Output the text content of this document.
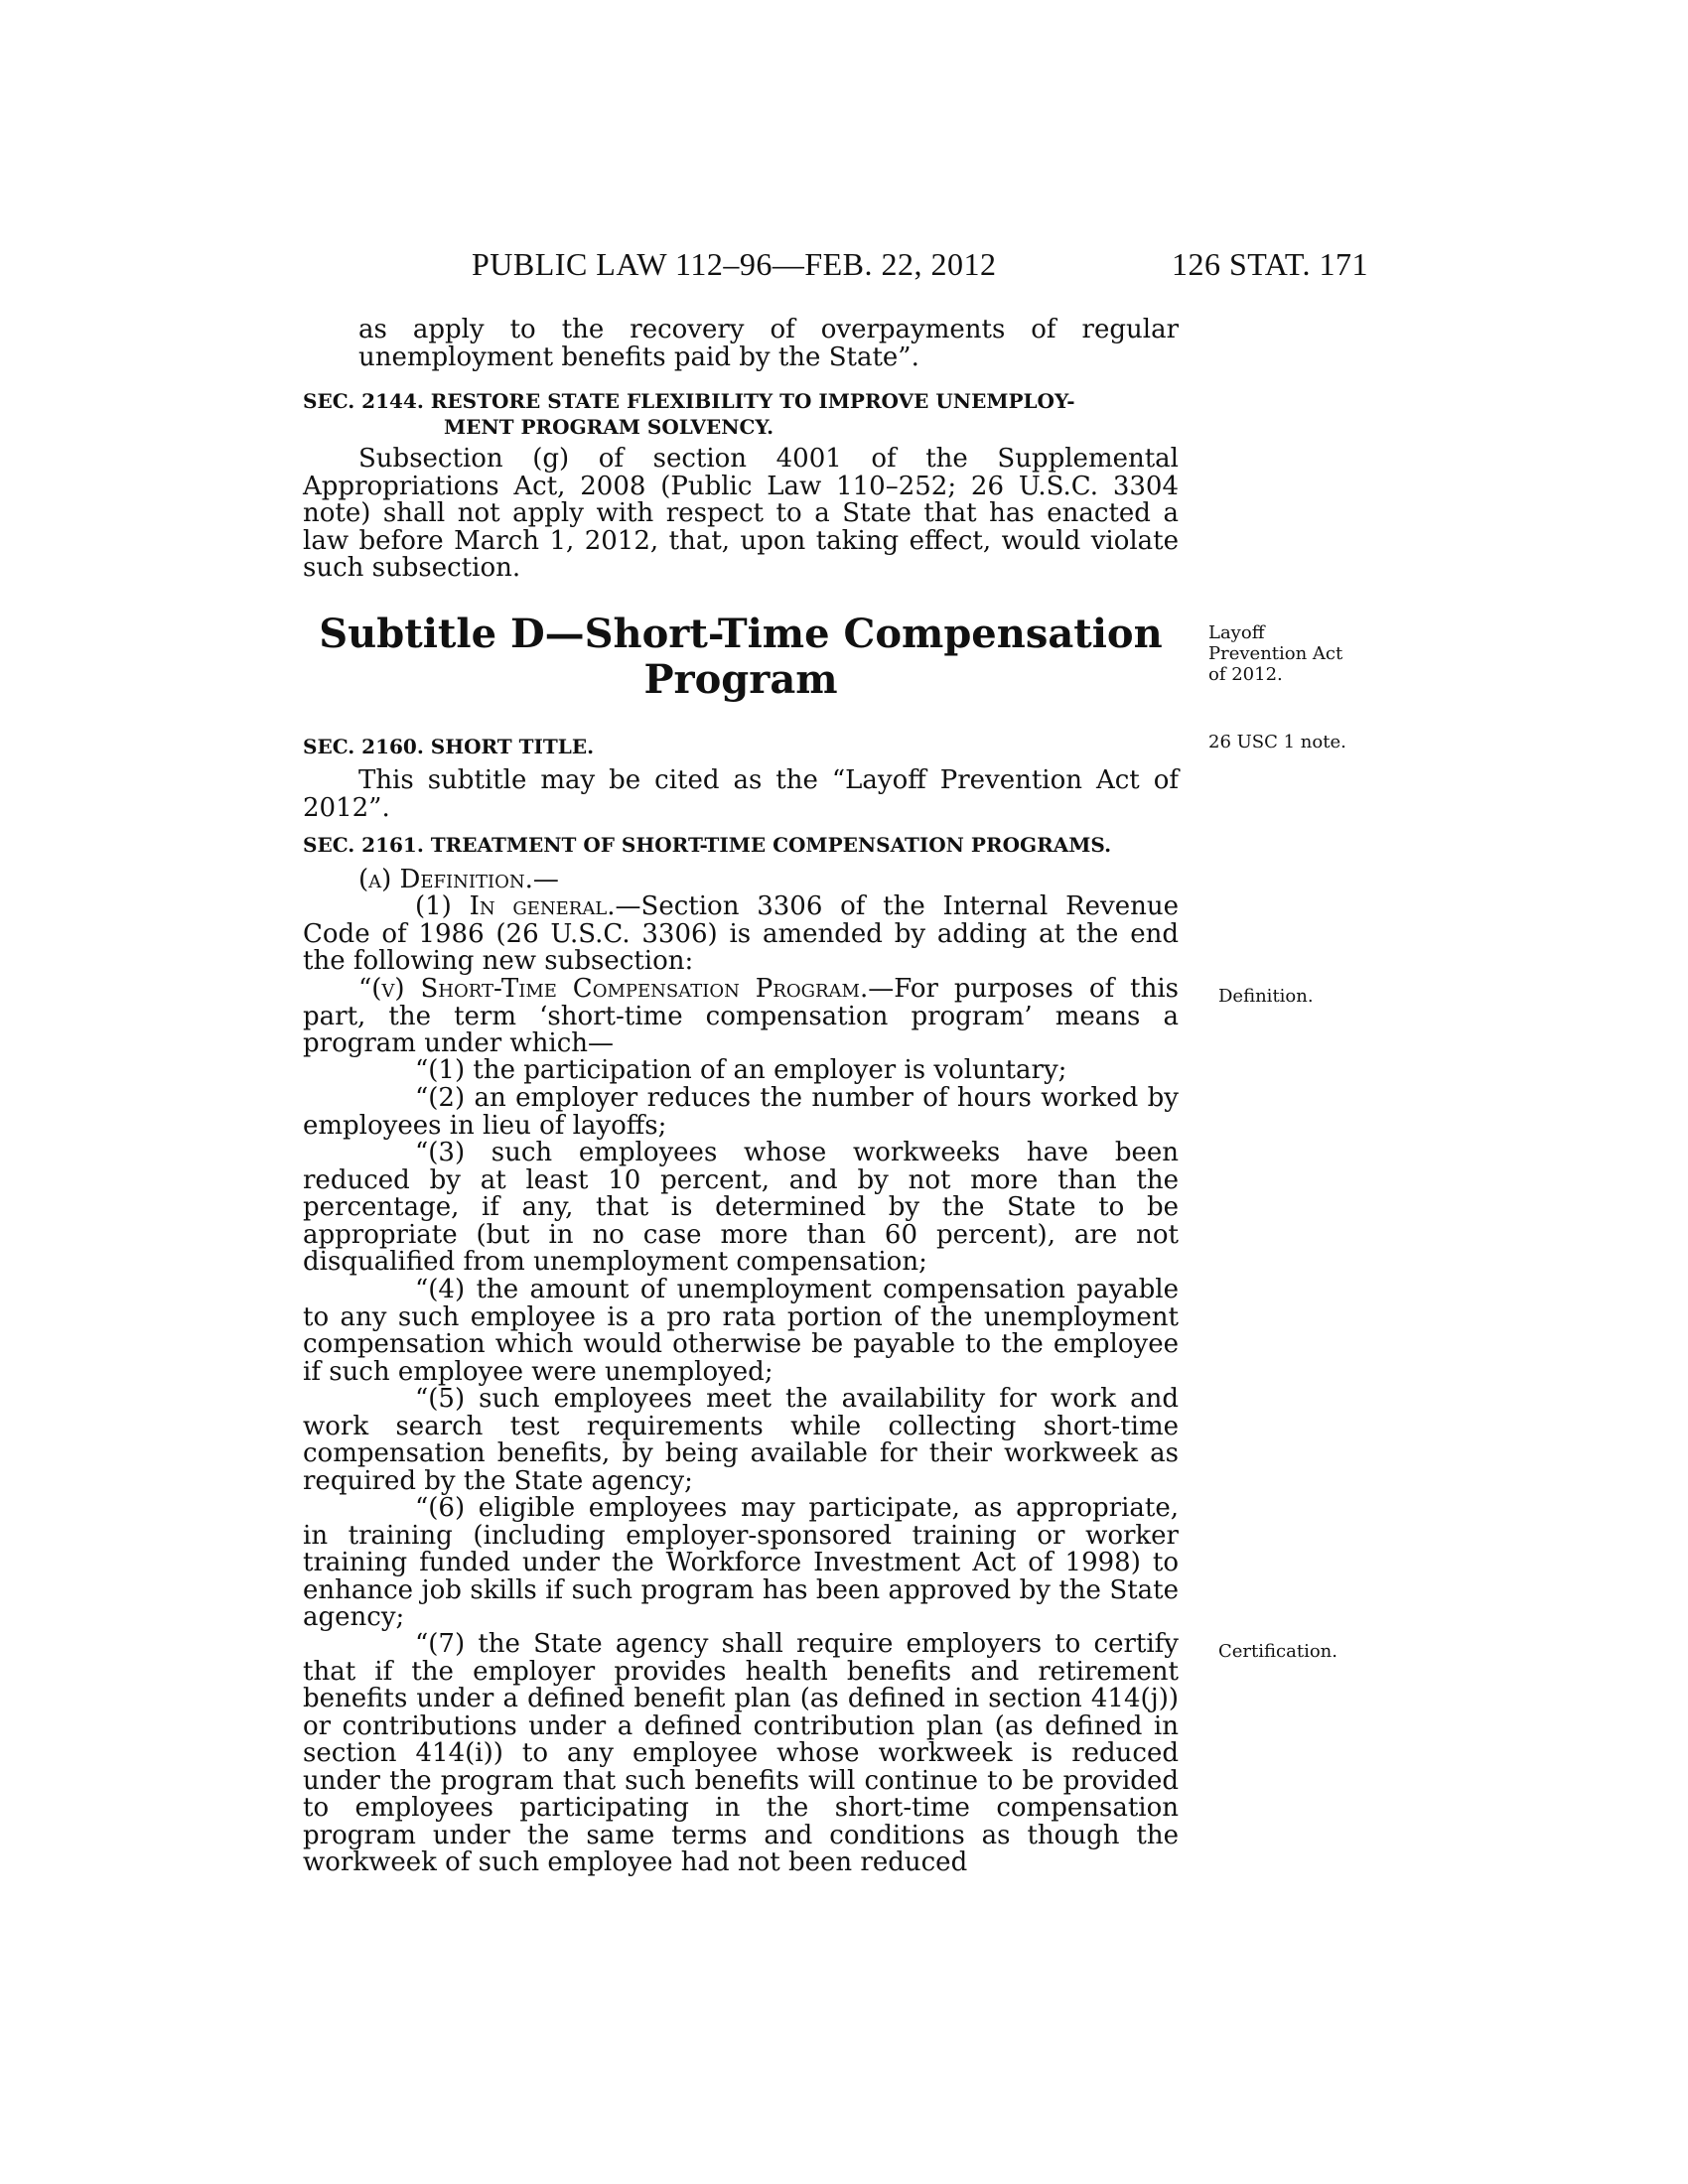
PUBLIC LAW 112–96—FEB. 22, 2012	126 STAT. 171

as apply to the recovery of overpayments of regular unemployment benefits paid by the State”.

SEC. 2144. RESTORE STATE FLEXIBILITY TO IMPROVE UNEMPLOY-
MENT PROGRAM SOLVENCY.

Subsection (g) of section 4001 of the Supplemental Appropriations Act, 2008 (Public Law 110–252; 26 U.S.C. 3304 note) shall not apply with respect to a State that has enacted a law before March 1, 2012, that, upon taking effect, would violate such subsection.

Subtitle D—Short-Time Compensation
Program

SEC. 2160. SHORT TITLE.

This subtitle may be cited as the “Layoff Prevention Act of 2012”.

SEC. 2161. TREATMENT OF SHORT-TIME COMPENSATION PROGRAMS.

(a) Definition.—

(1) In general.—Section 3306 of the Internal Revenue Code of 1986 (26 U.S.C. 3306) is amended by adding at the end the following new subsection:

“(v) Short-Time Compensation Program.—For purposes of this part, the term ‘short-time compensation program’ means a program under which—

“(1) the participation of an employer is voluntary;

“(2) an employer reduces the number of hours worked by employees in lieu of layoffs;

“(3) such employees whose workweeks have been reduced by at least 10 percent, and by not more than the percentage, if any, that is determined by the State to be appropriate (but in no case more than 60 percent), are not disqualified from unemployment compensation;

“(4) the amount of unemployment compensation payable to any such employee is a pro rata portion of the unemployment compensation which would otherwise be payable to the employee if such employee were unemployed;

“(5) such employees meet the availability for work and work search test requirements while collecting short-time compensation benefits, by being available for their workweek as required by the State agency;

“(6) eligible employees may participate, as appropriate, in training (including employer-sponsored training or worker training funded under the Workforce Investment Act of 1998) to enhance job skills if such program has been approved by the State agency;

“(7) the State agency shall require employers to certify that if the employer provides health benefits and retirement benefits under a defined benefit plan (as defined in section 414(j)) or contributions under a defined contribution plan (as defined in section 414(i)) to any employee whose workweek is reduced under the program that such benefits will continue to be provided to employees participating in the short-time compensation program under the same terms and conditions as though the workweek of such employee had not been reduced

Layoff
Prevention Act
of 2012.
26 USC 1 note.
Definition.
Certification.
